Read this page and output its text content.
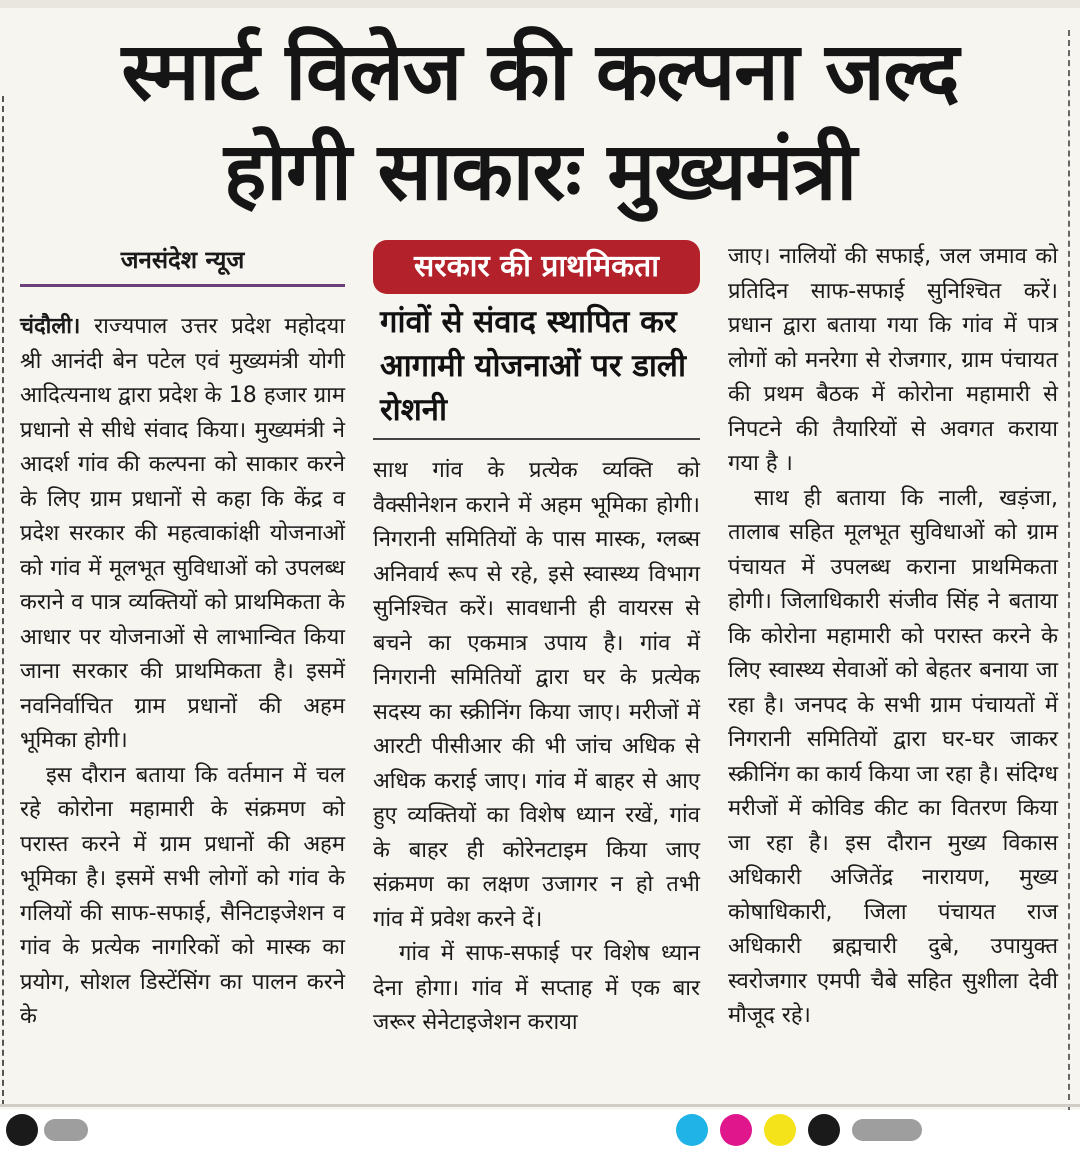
स्मार्ट विलेज की कल्पना जल्द
होगी साकारः मुख्यमंत्री
जनसंदेश न्यूज

चंदौली। राज्यपाल उत्तर प्रदेश महोदया श्री आनंदी बेन पटेल एवं मुख्यमंत्री योगी आदित्यनाथ द्वारा प्रदेश के 18 हजार ग्राम प्रधानो से सीधे संवाद किया। मुख्यमंत्री ने आदर्श गांव की कल्पना को साकार करने के लिए ग्राम प्रधानों से कहा कि केंद्र व प्रदेश सरकार की महत्वाकांक्षी योजनाओं को गांव में मूलभूत सुविधाओं को उपलब्ध कराने व पात्र व्यक्तियों को प्राथमिकता के आधार पर योजनाओं से लाभान्वित किया जाना सरकार की प्राथमिकता है। इसमें नवनिर्वाचित ग्राम प्रधानों की अहम भूमिका होगी।

इस दौरान बताया कि वर्तमान में चल रहे कोरोना महामारी के संक्रमण को परास्त करने में ग्राम प्रधानों की अहम भूमिका है। इसमें सभी लोगों को गांव के गलियों की साफ-सफाई, सैनिटाइजेशन व गांव के प्रत्येक नागरिकों को मास्क का प्रयोग, सोशल डिस्टेंसिंग का पालन करने के

सरकार की प्राथमिकता
गांवों से संवाद स्थापित कर आगामी योजनाओं पर डाली रोशनी

साथ गांव के प्रत्येक व्यक्ति को वैक्सीनेशन कराने में अहम भूमिका होगी। निगरानी समितियों के पास मास्क, ग्लब्स अनिवार्य रूप से रहे, इसे स्वास्थ्य विभाग सुनिश्चित करें। सावधानी ही वायरस से बचने का एकमात्र उपाय है। गांव में निगरानी समितियों द्वारा घर के प्रत्येक सदस्य का स्क्रीनिंग किया जाए। मरीजों में आरटी पीसीआर की भी जांच अधिक से अधिक कराई जाए। गांव में बाहर से आए हुए व्यक्तियों का विशेष ध्यान रखें, गांव के बाहर ही कोरेनटाइम किया जाए संक्रमण का लक्षण उजागर न हो तभी गांव में प्रवेश करने दें।

गांव में साफ-सफाई पर विशेष ध्यान देना होगा। गांव में सप्ताह में एक बार जरूर सेनेटाइजेशन कराया

जाए। नालियों की सफाई, जल जमाव को प्रतिदिन साफ-सफाई सुनिश्चित करें। प्रधान द्वारा बताया गया कि गांव में पात्र लोगों को मनरेगा से रोजगार, ग्राम पंचायत की प्रथम बैठक में कोरोना महामारी से निपटने की तैयारियों से अवगत कराया गया है ।

साथ ही बताया कि नाली, खड़ंजा, तालाब सहित मूलभूत सुविधाओं को ग्राम पंचायत में उपलब्ध कराना प्राथमिकता होगी। जिलाधिकारी संजीव सिंह ने बताया कि कोरोना महामारी को परास्त करने के लिए स्वास्थ्य सेवाओं को बेहतर बनाया जा रहा है। जनपद के सभी ग्राम पंचायतों में निगरानी समितियों द्वारा घर-घर जाकर स्क्रीनिंग का कार्य किया जा रहा है। संदिग्ध मरीजों में कोविड कीट का वितरण किया जा रहा है। इस दौरान मुख्य विकास अधिकारी अजितेंद्र नारायण, मुख्य कोषाधिकारी, जिला पंचायत राज अधिकारी ब्रह्मचारी दुबे, उपायुक्त स्वरोजगार एमपी चैबे सहित सुशीला देवी मौजूद रहे।
